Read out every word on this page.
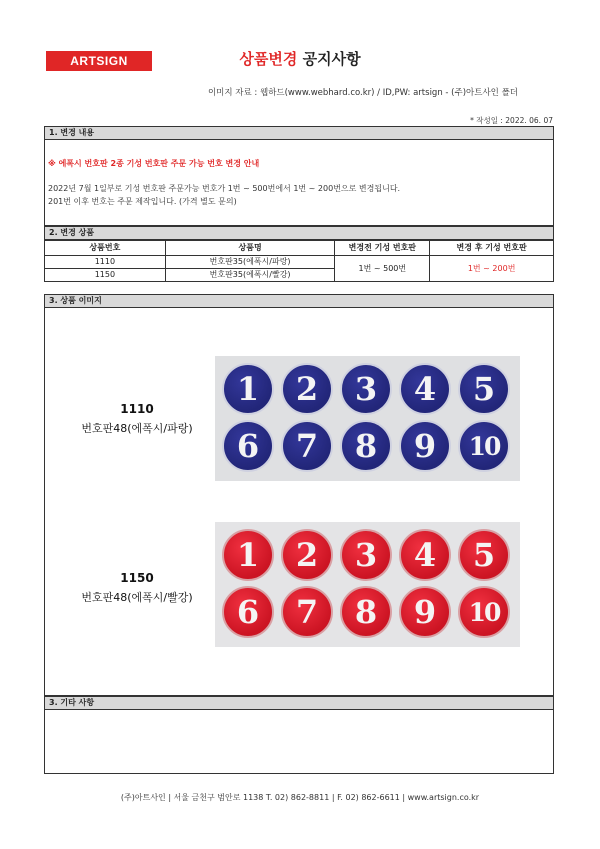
ARTSIGN	상품변경 공지사항
이미지 자료 : 웹하드(www.webhard.co.kr) / ID,PW: artsign - (주)아트사인 폴더
* 작성일 : 2022. 06. 07
1. 변경 내용
※ 에폭시 번호판 2종 기성 번호판 주문 가능 번호 변경 안내
2022년 7월 1일부로 기성 번호판 주문가능 번호가 1번 ~ 500번에서 1번 ~ 200번으로 변경됩니다.
201번 이후 번호는 주문 제작입니다. (가격 별도 문의)
2. 변경 상품
상품번호	상품명	변경전 기성 번호판	변경 후 기성 번호판
1110	번호판35(에폭시/파랑)	1번 ~ 500번	1번 ~ 200번
1150	번호판35(에폭시/빨강)		
3. 상품 이미지
1110
번호판48(에폭시/파랑)
1	2	3	4	5
6	7	8	9	10
1150
번호판48(에폭시/빨강)
1	2	3	4	5
6	7	8	9	10
3. 기타 사항
(주)아트사인 | 서울 금천구 범안로 1138 T. 02) 862-8811 | F. 02) 862-6611 | www.artsign.co.kr
